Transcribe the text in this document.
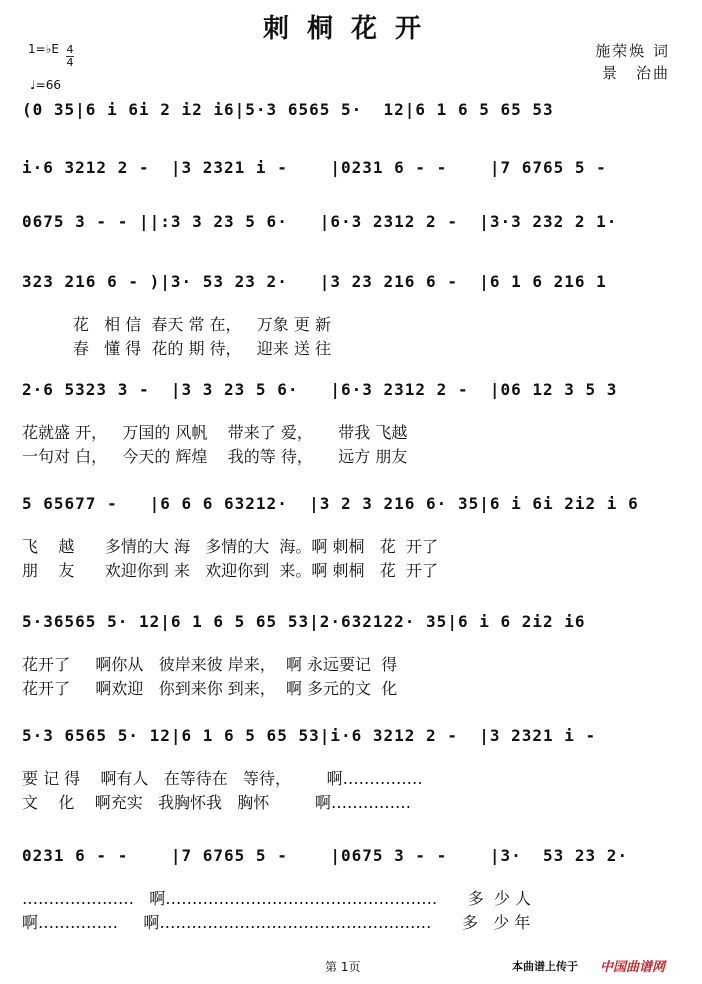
刺桐花开
施荣焕 词
景　治曲
1=♭E 4
4
♩=66
(0 35|6 i 6i 2 i2 i6|5·3 6565 5·  12|6 1 6 5 65 53
i·6 3212 2 -  |3 2321 i -    |0231 6 - -    |7 6765 5 -
0675 3 - - ||:3 3 23 5 6·   |6·3 2312 2 -  |3·3 232 2 1·
323 216 6 - )|3· 53 23 2·   |3 23 216 6 -  |6 1 6 216 1
花   相 信  春天 常 在，   万象 更 新
春   懂 得  花的 期 待，   迎来 送 往
2·6 5323 3 -  |3 3 23 5 6·   |6·3 2312 2 -  |06 12 3 5 3
花就盛 开，   万国的 风帆    带来了 爱，     带我 飞越
一句对 白，   今天的 辉煌    我的等 待，     远方 朋友
5 65677 -   |6 6 6 63212·  |3 2 3 216 6· 35|6 i 6i 2i2 i 6
飞    越      多情的大 海   多情的大  海。啊 刺桐   花  开了
朋    友      欢迎你到 来   欢迎你到  来。啊 刺桐   花  开了
5·36565 5· 12|6 1 6 5 65 53|2·632122· 35|6 i 6 2i2 i6
花开了     啊你从   彼岸来彼 岸来，  啊 永远要记  得
花开了     啊欢迎   你到来你 到来，  啊 多元的文  化
5·3 6565 5· 12|6 1 6 5 65 53|i·6 3212 2 -  |3 2321 i -
要 记 得    啊有人   在等待在   等待，       啊……………
文    化    啊充实   我胸怀我   胸怀         啊……………
0231 6 - -    |7 6765 5 -    |0675 3 - -    |3·  53 23 2·
…………………   啊……………………………………………      多  少 人
啊……………     啊……………………………………………      多   少 年
第 1页	本曲谱上传于 中国曲谱网
